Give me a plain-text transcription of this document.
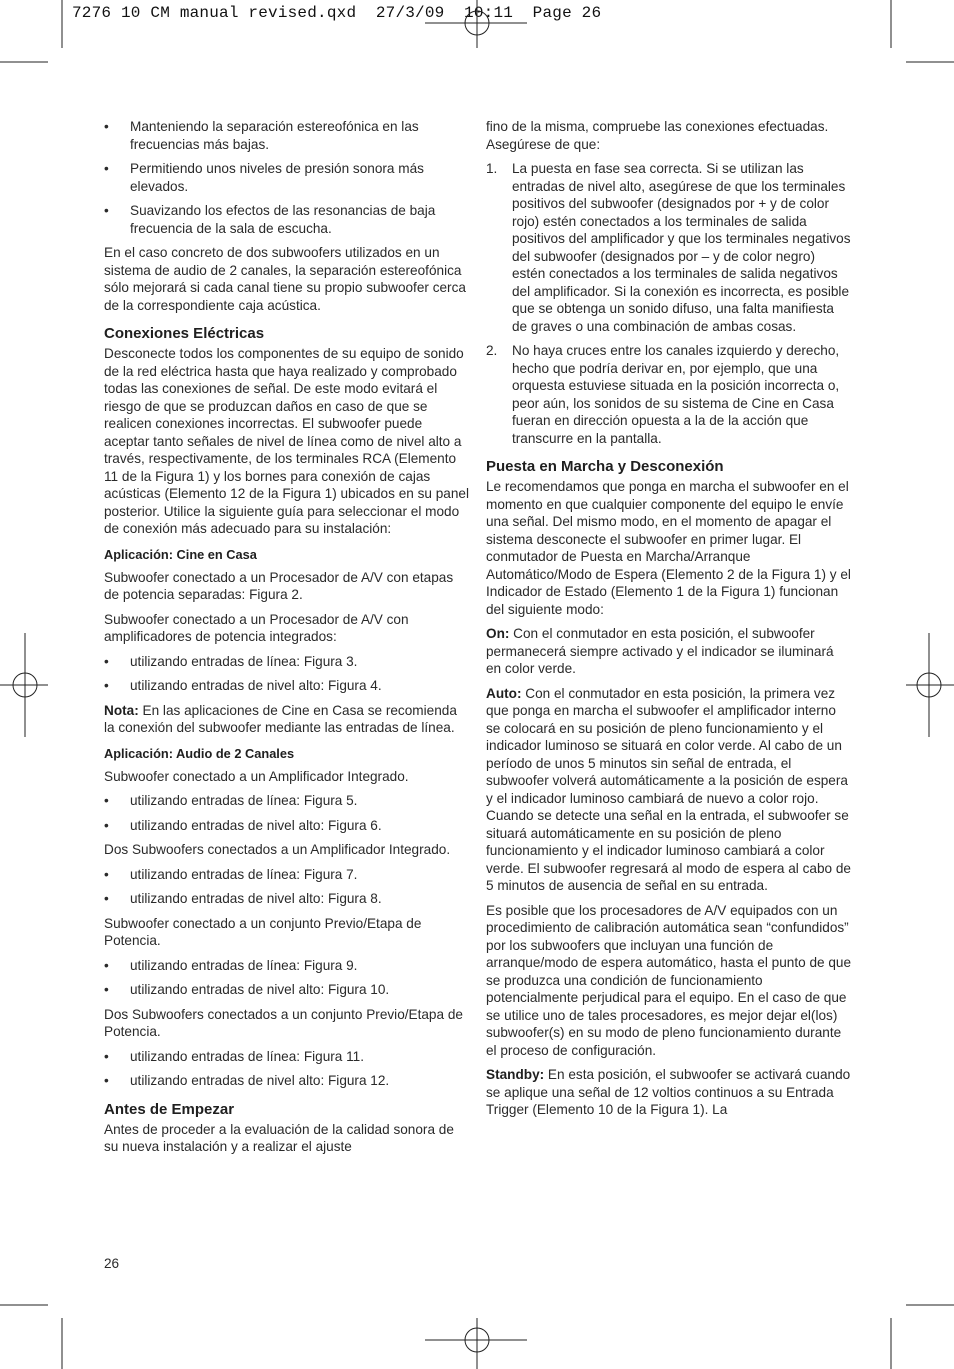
7276 10 CM manual revised.qxd  27/3/09  10:11  Page 26
• Manteniendo la separación estereofónica en las frecuencias más bajas.
• Permitiendo unos niveles de presión sonora más elevados.
• Suavizando los efectos de las resonancias de baja frecuencia de la sala de escucha.

En el caso concreto de dos subwoofers utilizados en un sistema de audio de 2 canales, la separación estereofónica sólo mejorará si cada canal tiene su propio subwoofer cerca de la correspondiente caja acústica.

Conexiones Eléctricas

Desconecte todos los componentes de su equipo de sonido de la red eléctrica hasta que haya realizado y comprobado todas las conexiones de señal. De este modo evitará el riesgo de que se produzcan daños en caso de que se realicen conexiones incorrectas. El subwoofer puede aceptar tanto señales de nivel de línea como de nivel alto a través, respectivamente, de los terminales RCA (Elemento 11 de la Figura 1) y los bornes para conexión de cajas acústicas (Elemento 12 de la Figura 1) ubicados en su panel posterior. Utilice la siguiente guía para seleccionar el modo de conexión más adecuado para su instalación:

Aplicación: Cine en Casa

Subwoofer conectado a un Procesador de A/V con etapas de potencia separadas: Figura 2.

Subwoofer conectado a un Procesador de A/V con amplificadores de potencia integrados:

• utilizando entradas de línea: Figura 3.
• utilizando entradas de nivel alto: Figura 4.

Nota: En las aplicaciones de Cine en Casa se recomienda la conexión del subwoofer mediante las entradas de línea.

Aplicación: Audio de 2 Canales

Subwoofer conectado a un Amplificador Integrado.

• utilizando entradas de línea: Figura 5.
• utilizando entradas de nivel alto: Figura 6.

Dos Subwoofers conectados a un Amplificador Integrado.

• utilizando entradas de línea: Figura 7.
• utilizando entradas de nivel alto: Figura 8.

Subwoofer conectado a un conjunto Previo/Etapa de Potencia.

• utilizando entradas de línea: Figura 9.
• utilizando entradas de nivel alto: Figura 10.

Dos Subwoofers conectados a un conjunto Previo/Etapa de Potencia.

• utilizando entradas de línea: Figura 11.
• utilizando entradas de nivel alto: Figura 12.
Antes de Empezar

Antes de proceder a la evaluación de la calidad sonora de su nueva instalación y a realizar el ajuste

fino de la misma, compruebe las conexiones efectuadas. Asegúrese de que:

1. La puesta en fase sea correcta. Si se utilizan las entradas de nivel alto, asegúrese de que los terminales positivos del subwoofer (designados por + y de color rojo) estén conectados a los terminales de salida positivos del amplificador y que los terminales negativos del subwoofer (designados por – y de color negro) estén conectados a los terminales de salida negativos del amplificador. Si la conexión es incorrecta, es posible que se obtenga un sonido difuso, una falta manifiesta de graves o una combinación de ambas cosas.
2. No haya cruces entre los canales izquierdo y derecho, hecho que podría derivar en, por ejemplo, que una orquesta estuviese situada en la posición incorrecta o, peor aún, los sonidos de su sistema de Cine en Casa fueran en dirección opuesta a la de la acción que transcurre en la pantalla.
Puesta en Marcha y Desconexión

Le recomendamos que ponga en marcha el subwoofer en el momento en que cualquier componente del equipo le envíe una señal. Del mismo modo, en el momento de apagar el sistema desconecte el subwoofer en primer lugar. El conmutador de Puesta en Marcha/Arranque Automático/Modo de Espera (Elemento 2 de la Figura 1) y el Indicador de Estado (Elemento 1 de la Figura 1) funcionan del siguiente modo:

On: Con el conmutador en esta posición, el subwoofer permanecerá siempre activado y el indicador se iluminará en color verde.

Auto: Con el conmutador en esta posición, la primera vez que ponga en marcha el subwoofer el amplificador interno se colocará en su posición de pleno funcionamiento y el indicador luminoso se situará en color verde. Al cabo de un período de unos 5 minutos sin señal de entrada, el subwoofer volverá automáticamente a la posición de espera y el indicador luminoso cambiará de nuevo a color rojo. Cuando se detecte una señal en la entrada, el subwoofer se situará automáticamente en su posición de pleno funcionamiento y el indicador luminoso cambiará a color verde. El subwoofer regresará al modo de espera al cabo de 5 minutos de ausencia de señal en su entrada.

Es posible que los procesadores de A/V equipados con un procedimiento de calibración automática sean “confundidos” por los subwoofers que incluyan una función de arranque/modo de espera automático, hasta el punto de que se produzca una condición de funcionamiento potencialmente perjudical para el equipo. En el caso de que se utilice uno de tales procesadores, es mejor dejar el(los) subwoofer(s) en su modo de pleno funcionamiento durante el proceso de configuración.

Standby: En esta posición, el subwoofer se activará cuando se aplique una señal de 12 voltios continuos a su Entrada Trigger (Elemento 10 de la Figura 1). La

26
